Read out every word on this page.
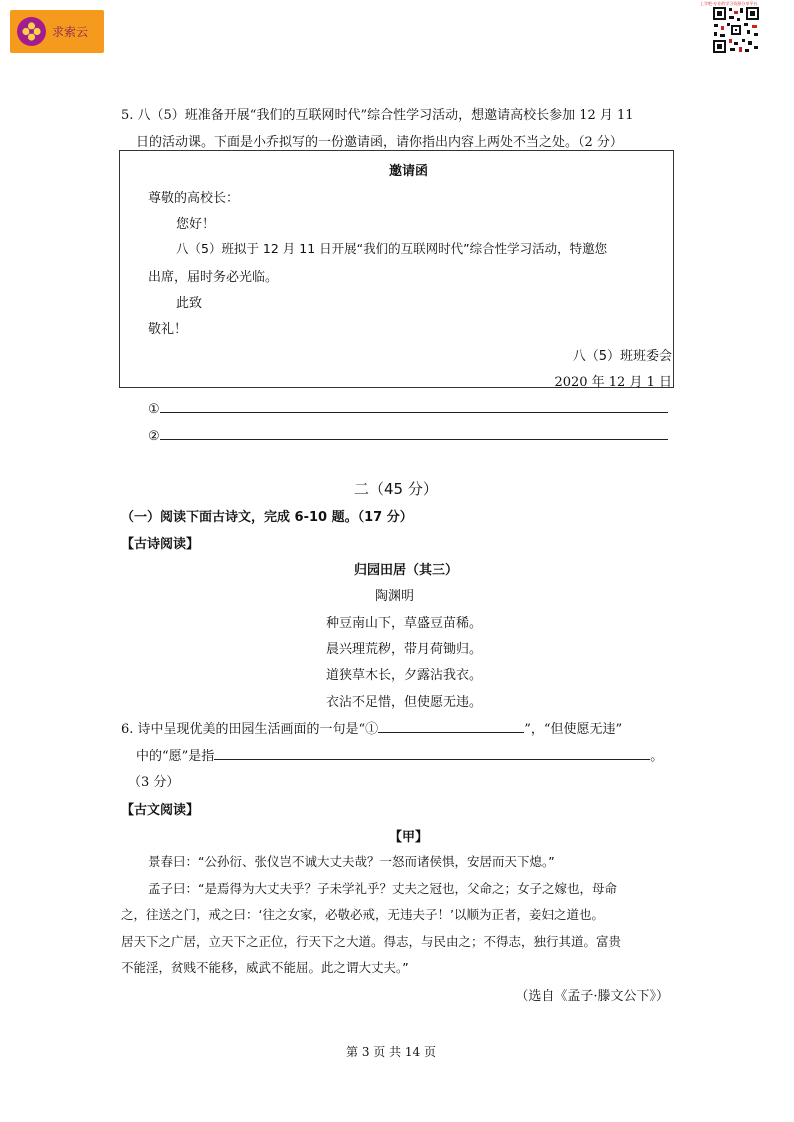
求索云
上学吧·专业的学习资源分享平台
5. 八（5）班准备开展“我们的互联网时代”综合性学习活动，想邀请高校长参加 12 月 11
日的活动课。下面是小乔拟写的一份邀请函，请你指出内容上两处不当之处。（2 分）
邀请函
尊敬的高校长：
您好！
八（5）班拟于 12 月 11 日开展“我们的互联网时代”综合性学习活动，特邀您
出席，届时务必光临。
此致
敬礼！
八（5）班班委会
2020 年 12 月 1 日
①
②
二（45 分）
（一）阅读下面古诗文，完成 6-10 题。（17 分）
【古诗阅读】
归园田居（其三）
陶渊明
种豆南山下，草盛豆苗稀。
晨兴理荒秽，带月荷锄归。
道狭草木长，夕露沾我衣。
衣沾不足惜，但使愿无违。
6. 诗中呈现优美的田园生活画面的一句是“①	”，“但使愿无违”
中的“愿”是指	。
（3 分）
【古文阅读】
【甲】
景春曰：“公孙衍、张仪岂不诚大丈夫哉？一怒而诸侯惧，安居而天下熄。”
孟子曰：“是焉得为大丈夫乎？子未学礼乎？丈夫之冠也，父命之；女子之嫁也，母命
之，往送之门，戒之曰：‘往之女家，必敬必戒，无违夫子！’以顺为正者，妾妇之道也。
居天下之广居，立天下之正位，行天下之大道。得志，与民由之；不得志，独行其道。富贵
不能淫，贫贱不能移，威武不能屈。此之谓大丈夫。”
（选自《孟子·滕文公下》）
第 3 页 共 14 页
